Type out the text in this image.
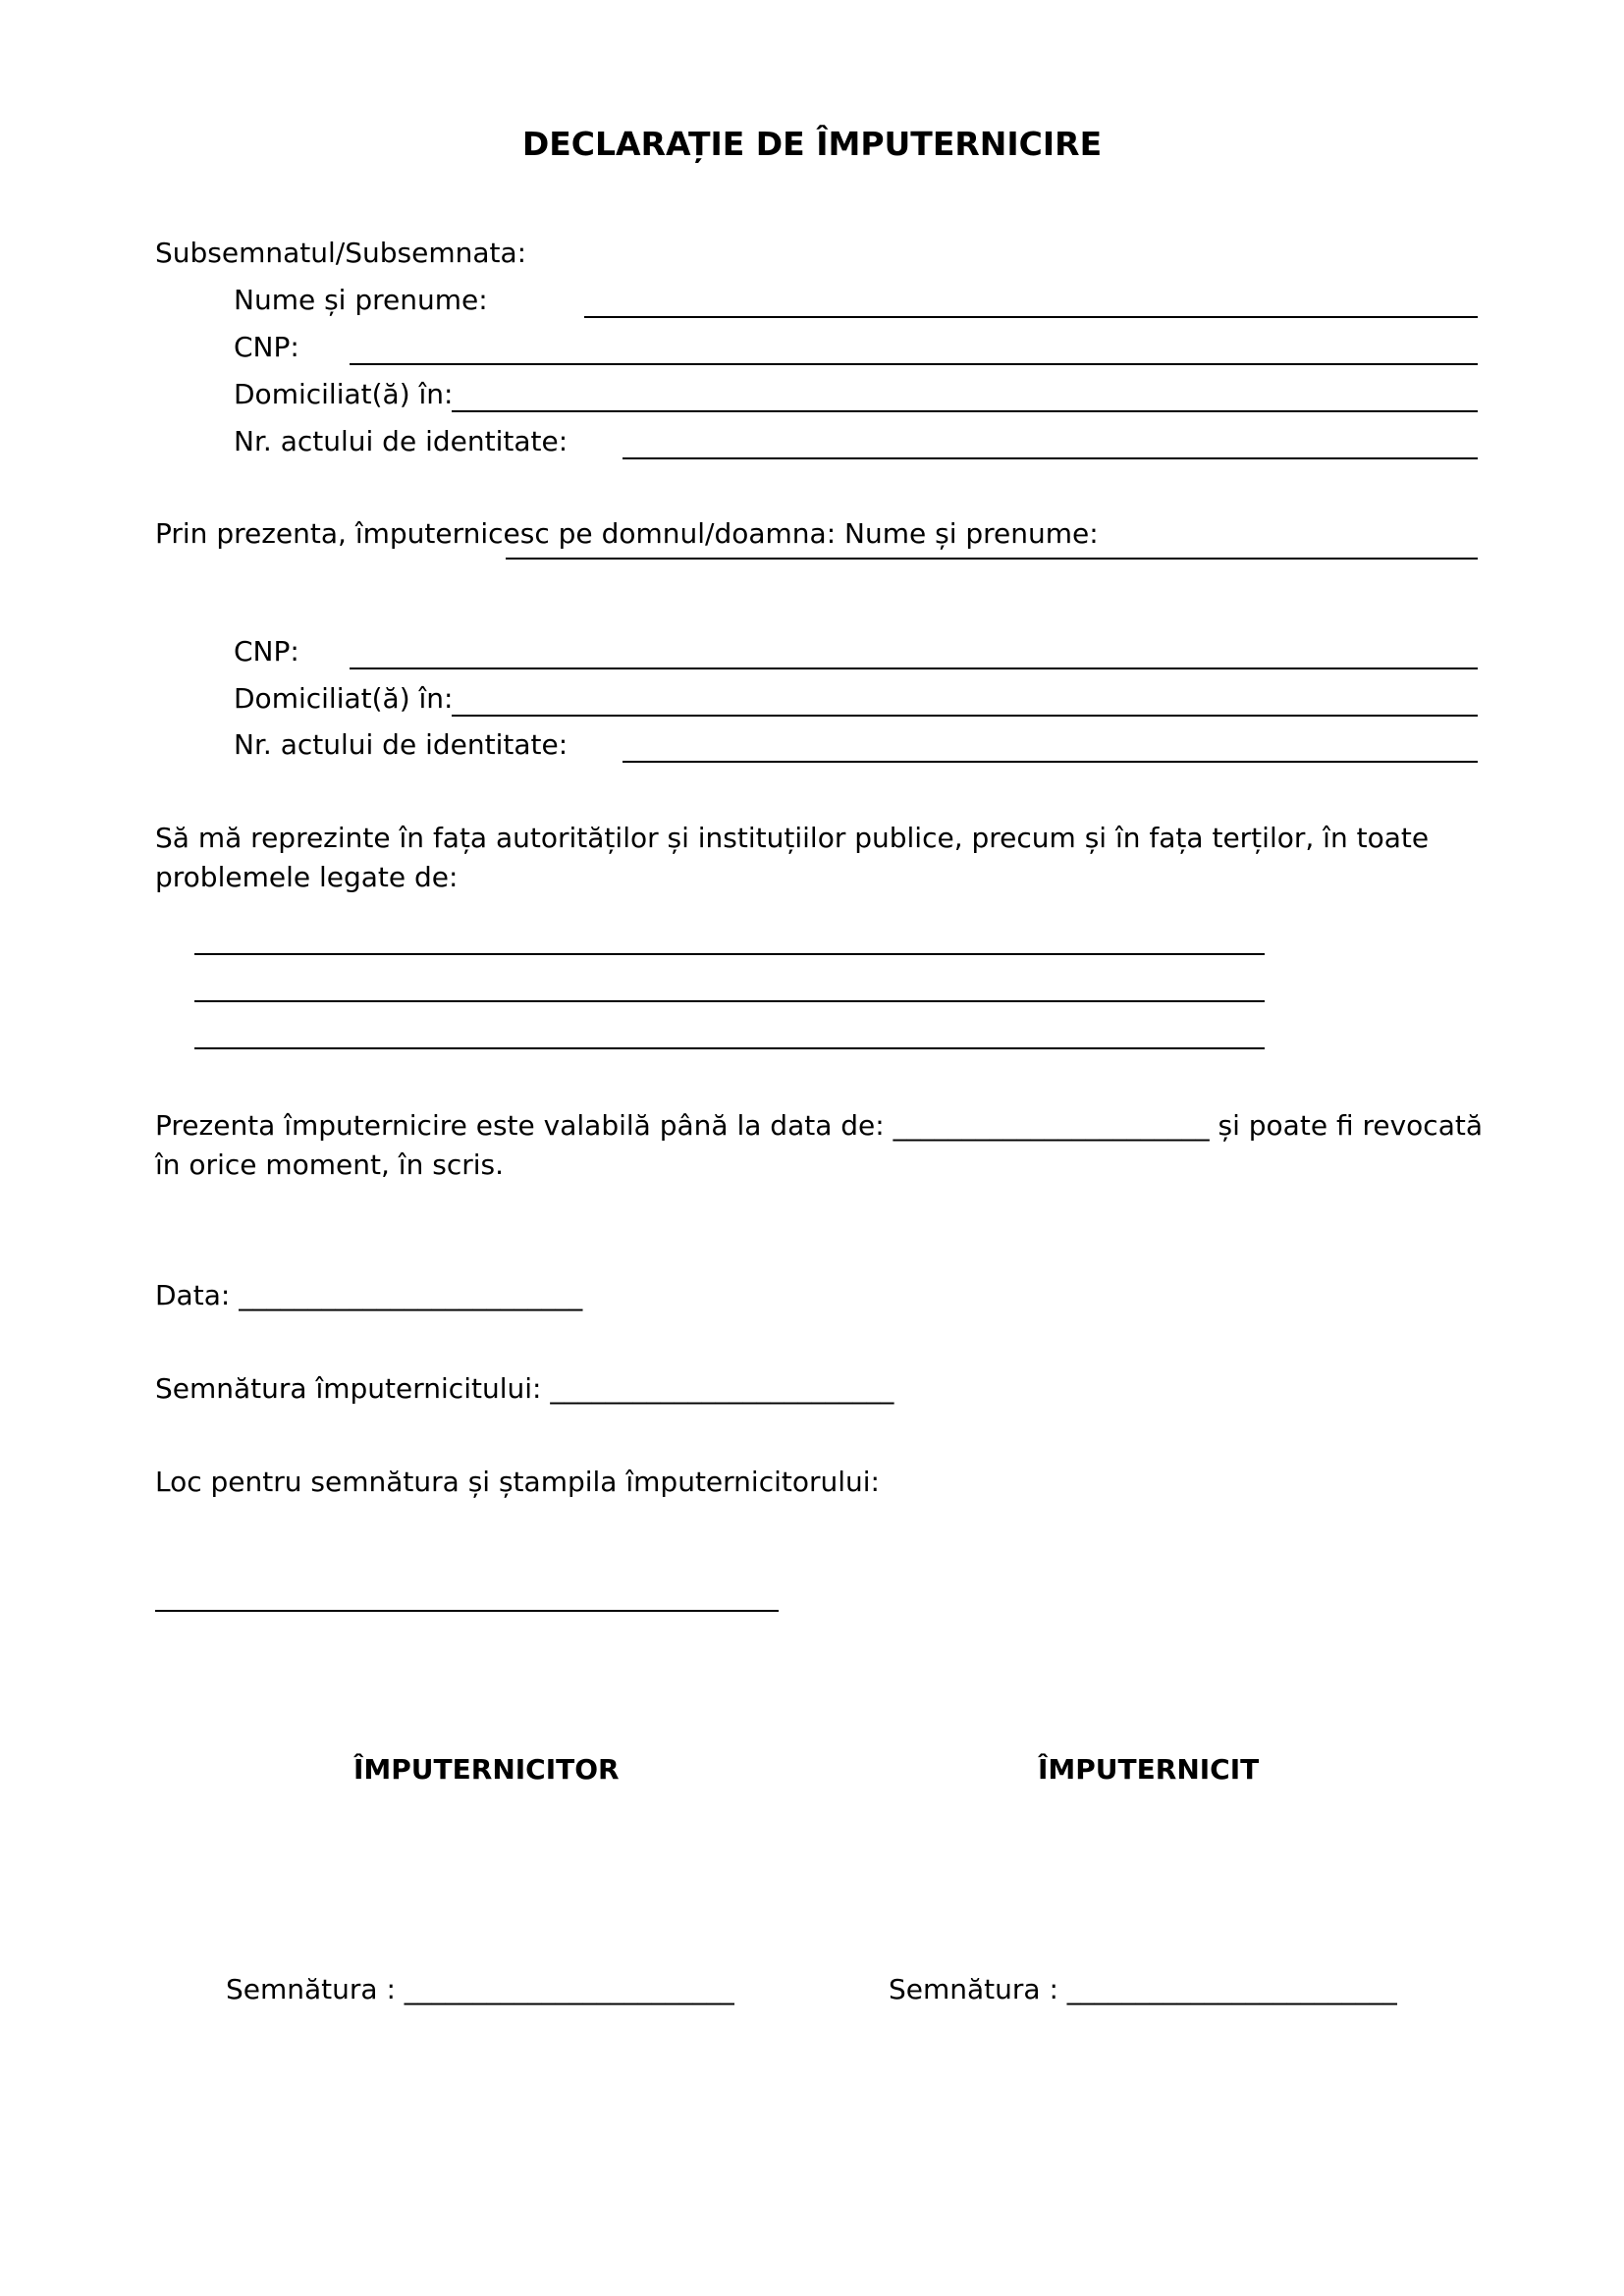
DECLARAȚIE DE ÎMPUTERNICIRE
Subsemnatul/Subsemnata:
Nume și prenume:
CNP:
Domiciliat(ă) în:
Nr. actului de identitate:
Prin prezenta, împuternicesc pe domnul/doamna: Nume și prenume:
CNP:
Domiciliat(ă) în:
Nr. actului de identitate:
Să mă reprezinte în fața autorităților și instituțiilor publice, precum și în fața terților, în toate problemele legate de:
Prezenta împuternicire este valabilă până la data de: _______________________ și poate fi revocată în orice moment, în scris.
Data: _________________________
Semnătura împuternicitului: _________________________
Loc pentru semnătura și ștampila împuternicitorului:
ÎMPUTERNICITOR	ÎMPUTERNICIT
Semnătura : ________________________	Semnătura : ________________________
